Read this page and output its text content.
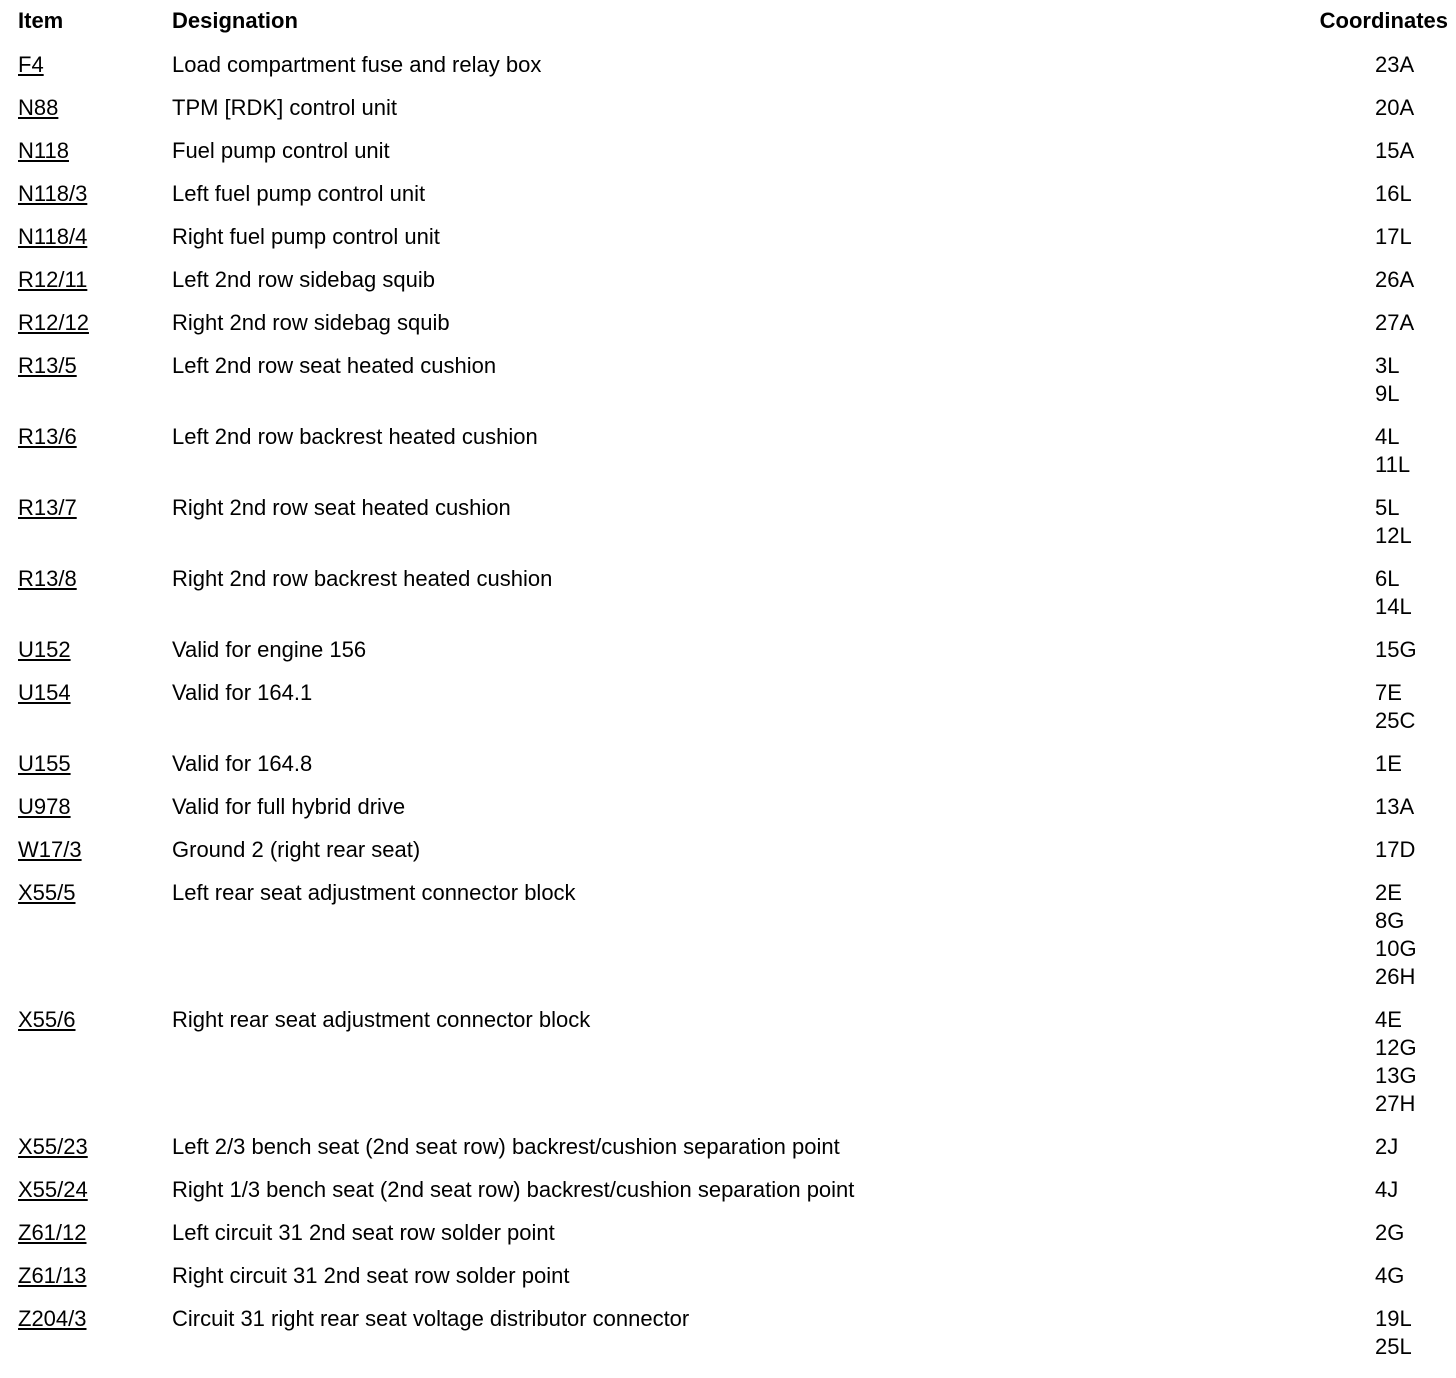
Item	Designation	Coordinates
F4	Load compartment fuse and relay box	23A

N88	TPM [RDK] control unit	20A

N118	Fuel pump control unit	15A

N118/3	Left fuel pump control unit	16L

N118/4	Right fuel pump control unit	17L

R12/11	Left 2nd row sidebag squib	26A

R12/12	Right 2nd row sidebag squib	27A

R13/5	Left 2nd row seat heated cushion	3L
9L

R13/6	Left 2nd row backrest heated cushion	4L
11L

R13/7	Right 2nd row seat heated cushion	5L
12L

R13/8	Right 2nd row backrest heated cushion	6L
14L

U152	Valid for engine 156	15G

U154	Valid for 164.1	7E
25C

U155	Valid for 164.8	1E

U978	Valid for full hybrid drive	13A

W17/3	Ground 2 (right rear seat)	17D

X55/5	Left rear seat adjustment connector block	2E
8G
10G
26H

X55/6	Right rear seat adjustment connector block	4E
12G
13G
27H

X55/23	Left 2/3 bench seat (2nd seat row) backrest/cushion separation point	2J

X55/24	Right 1/3 bench seat (2nd seat row) backrest/cushion separation point	4J

Z61/12	Left circuit 31 2nd seat row solder point	2G

Z61/13	Right circuit 31 2nd seat row solder point	4G

Z204/3	Circuit 31 right rear seat voltage distributor connector	19L
25L
